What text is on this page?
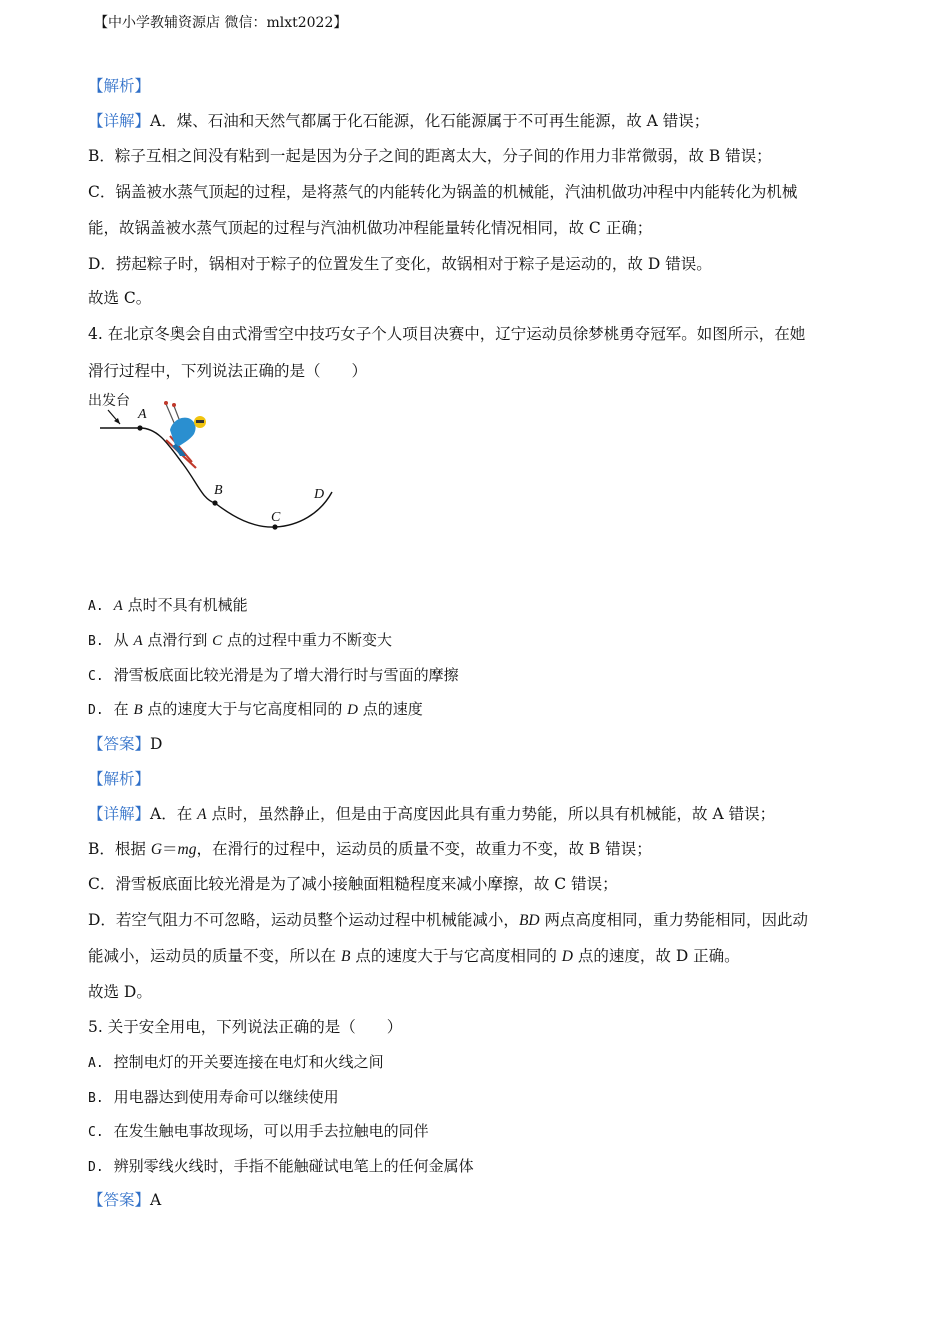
【中小学教辅资源店 微信：mlxt2022】
【解析】
【详解】A．煤、石油和天然气都属于化石能源，化石能源属于不可再生能源，故 A 错误；
B．粽子互相之间没有粘到一起是因为分子之间的距离太大，分子间的作用力非常微弱，故 B 错误；
C．锅盖被水蒸气顶起的过程，是将蒸气的内能转化为锅盖的机械能，汽油机做功冲程中内能转化为机械
能，故锅盖被水蒸气顶起的过程与汽油机做功冲程能量转化情况相同，故 C 正确；
D．捞起粽子时，锅相对于粽子的位置发生了变化，故锅相对于粽子是运动的，故 D 错误。
故选 C。
4. 在北京冬奥会自由式滑雪空中技巧女子个人项目决赛中，辽宁运动员徐梦桃勇夺冠军。如图所示，在她
滑行过程中，下列说法正确的是（　　）
出发台
A
B
C
D
A. A 点时不具有机械能
B. 从 A 点滑行到 C 点的过程中重力不断变大
C. 滑雪板底面比较光滑是为了增大滑行时与雪面的摩擦
D. 在 B 点的速度大于与它高度相同的 D 点的速度
【答案】D
【解析】
【详解】A．在 A 点时，虽然静止，但是由于高度因此具有重力势能，所以具有机械能，故 A 错误；
B．根据 G＝mg，在滑行的过程中，运动员的质量不变，故重力不变，故 B 错误；
C．滑雪板底面比较光滑是为了减小接触面粗糙程度来减小摩擦，故 C 错误；
D．若空气阻力不可忽略，运动员整个运动过程中机械能减小，BD 两点高度相同，重力势能相同，因此动
能减小，运动员的质量不变，所以在 B 点的速度大于与它高度相同的 D 点的速度，故 D 正确。
故选 D。
5. 关于安全用电，下列说法正确的是（　　）
A. 控制电灯的开关要连接在电灯和火线之间
B. 用电器达到使用寿命可以继续使用
C. 在发生触电事故现场，可以用手去拉触电的同伴
D. 辨别零线火线时，手指不能触碰试电笔上的任何金属体
【答案】A
